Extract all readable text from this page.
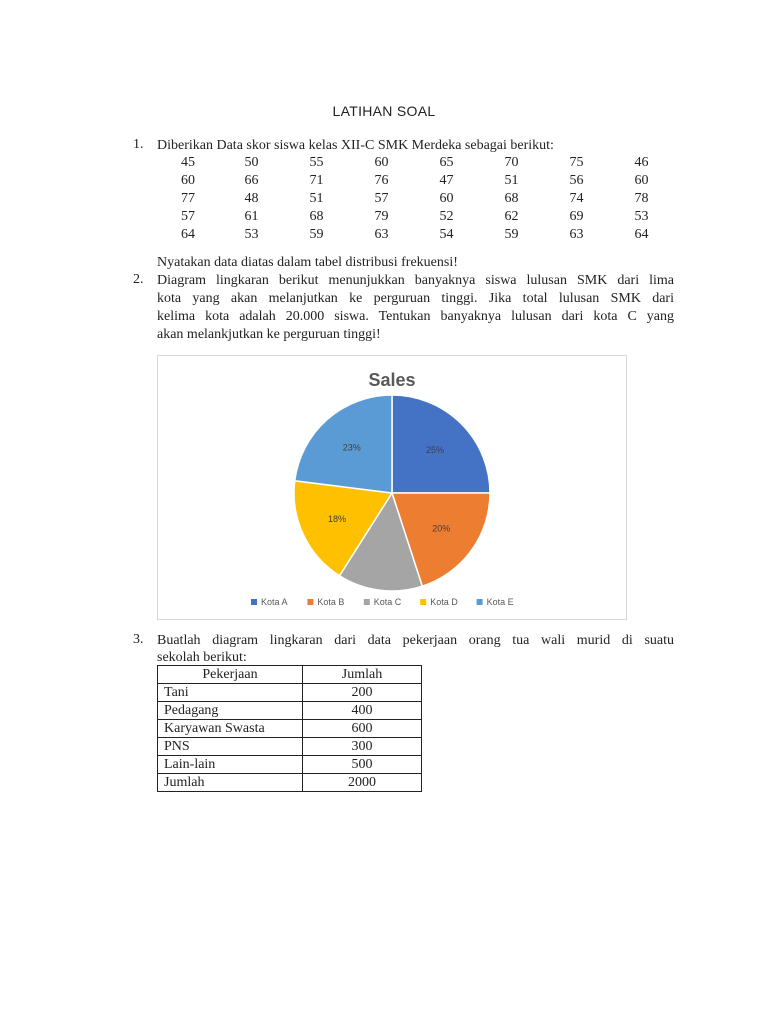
LATIHAN SOAL
1. Diberikan Data skor siswa kelas XII-C SMK Merdeka sebagai berikut:
45	50	55	60	65	70	75	46
60	66	71	76	47	51	56	60
77	48	51	57	60	68	74	78
57	61	68	79	52	62	69	53
64	53	59	63	54	59	63	64
Nyatakan data diatas dalam tabel distribusi frekuensi!
2. Diagram lingkaran berikut menunjukkan banyaknya siswa lulusan SMK dari lima
kota yang akan melanjutkan ke perguruan tinggi. Jika total lulusan SMK dari
kelima kota adalah 20.000 siswa. Tentukan banyaknya lulusan dari kota C yang
akan melankjutkan ke perguruan tinggi!
Sales
25%
20%
18%
23%
Kota A	Kota B	Kota C	Kota D	Kota E
3. Buatlah diagram lingkaran dari data pekerjaan orang tua wali murid di suatu
sekolah berikut:
Pekerjaan	Jumlah
Tani	200
Pedagang	400
Karyawan Swasta	600
PNS	300
Lain-lain	500
Jumlah	2000
